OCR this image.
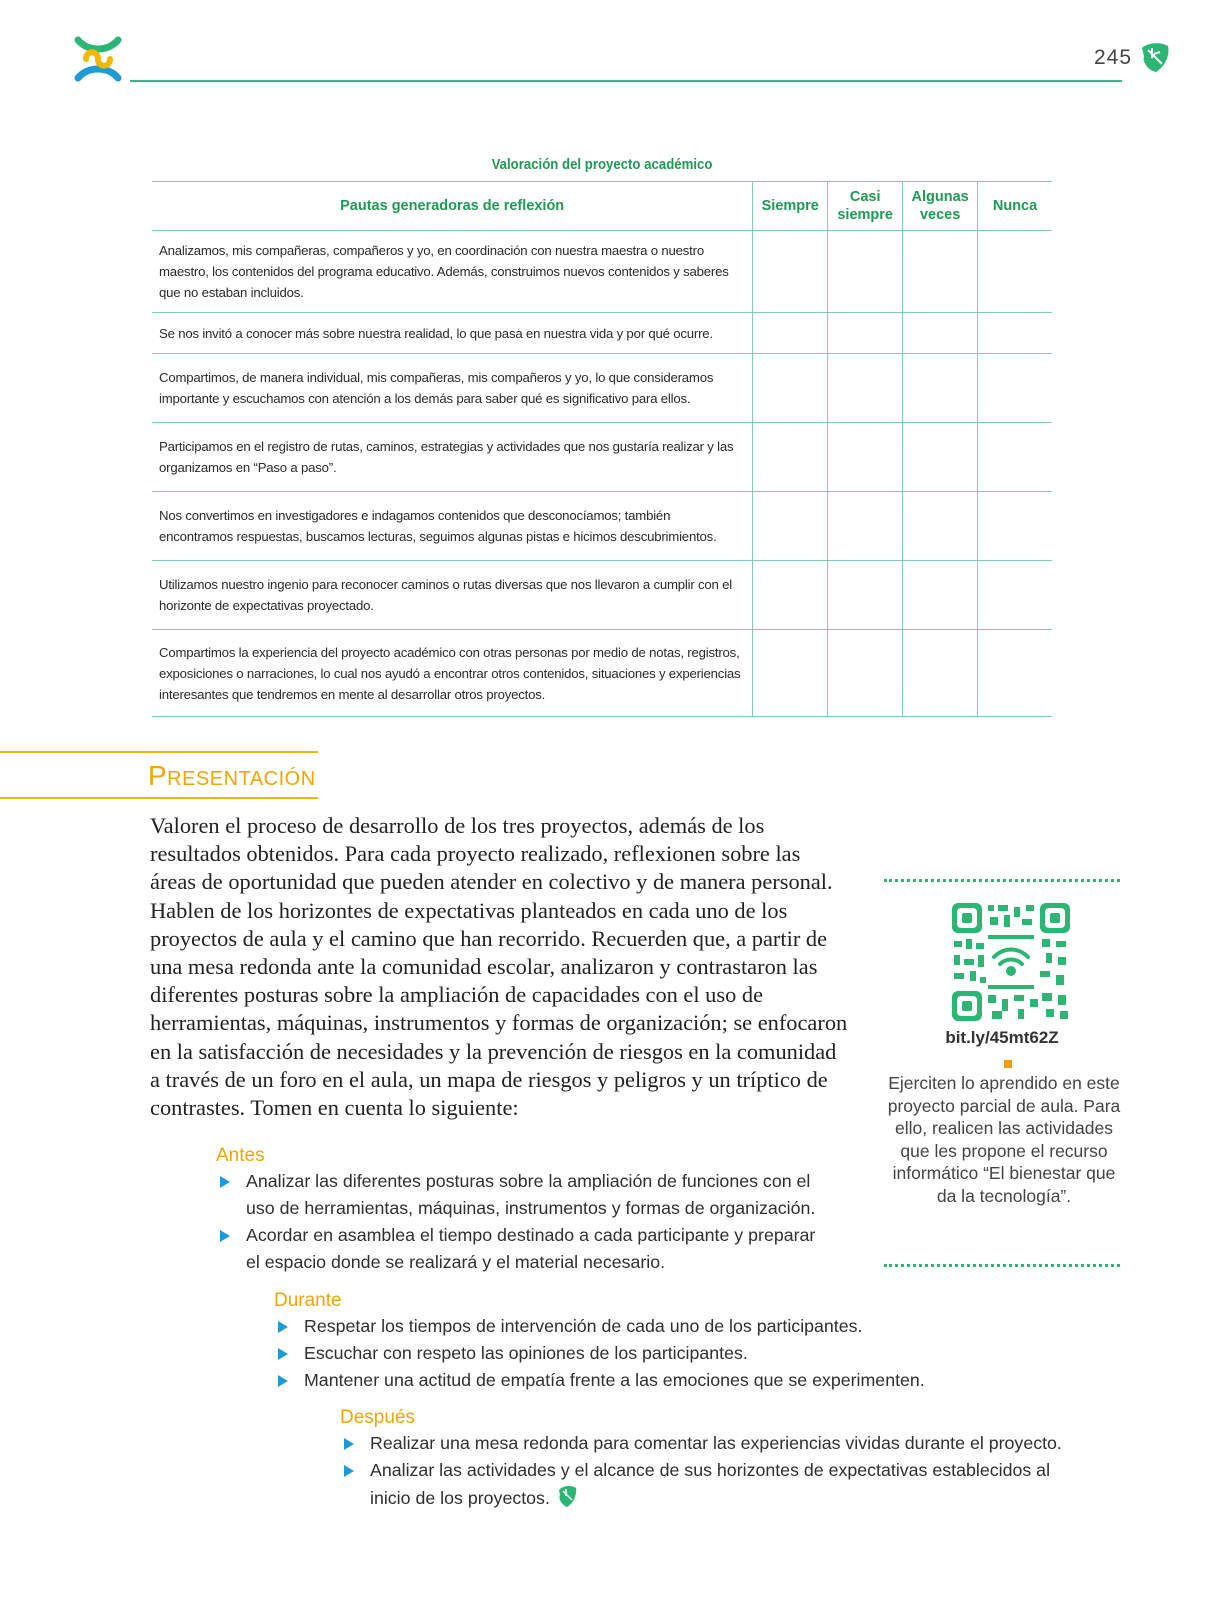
245
Valoración del proyecto académico
Pautas generadoras de reflexión	Siempre	Casi siempre	Algunas veces	Nunca
Analizamos, mis compañeras, compañeros y yo, en coordinación con nuestra maestra o nuestro maestro, los contenidos del programa educativo. Además, construimos nuevos contenidos y saberes que no estaban incluidos.				
Se nos invitó a conocer más sobre nuestra realidad, lo que pasa en nuestra vida y por qué ocurre.				
Compartimos, de manera individual, mis compañeras, mis compañeros y yo, lo que consideramos importante y escuchamos con atención a los demás para saber qué es significativo para ellos.				
Participamos en el registro de rutas, caminos, estrategias y actividades que nos gustaría realizar y las organizamos en “Paso a paso”.				
Nos convertimos en investigadores e indagamos contenidos que desconocíamos; también encontramos respuestas, buscamos lecturas, seguimos algunas pistas e hicimos descubrimientos.				
Utilizamos nuestro ingenio para reconocer caminos o rutas diversas que nos llevaron a cumplir con el horizonte de expectativas proyectado.				
Compartimos la experiencia del proyecto académico con otras personas por medio de notas, registros, exposiciones o narraciones, lo cual nos ayudó a encontrar otros contenidos, situaciones y experiencias interesantes que tendremos en mente al desarrollar otros proyectos.				
Presentación

Valoren el proceso de desarrollo de los tres proyectos, además de los resultados obtenidos. Para cada proyecto realizado, reflexionen sobre las áreas de oportunidad que pueden atender en colectivo y de manera personal. Hablen de los horizontes de expectativas planteados en cada uno de los proyectos de aula y el camino que han recorrido. Recuerden que, a partir de una mesa redonda ante la comunidad escolar, analizaron y contrastaron las diferentes posturas sobre la ampliación de capacidades con el uso de herramientas, máquinas, instrumentos y formas de organización; se enfocaron en la satisfacción de necesidades y la prevención de riesgos en la comunidad a través de un foro en el aula, un mapa de riesgos y peligros y un tríptico de contrastes. Tomen en cuenta lo siguiente:

bit.ly/45mt62Z
Ejerciten lo aprendido en este proyecto parcial de aula. Para ello, realicen las actividades que les propone el recurso informático “El bienestar que da la tecnología”.
Antes
Analizar las diferentes posturas sobre la ampliación de funciones con el uso de herramientas, máquinas, instrumentos y formas de organización.
Acordar en asamblea el tiempo destinado a cada participante y preparar el espacio donde se realizará y el material necesario.
Durante
Respetar los tiempos de intervención de cada uno de los participantes.
Escuchar con respeto las opiniones de los participantes.
Mantener una actitud de empatía frente a las emociones que se experimenten.
Después
Realizar una mesa redonda para comentar las experiencias vividas durante el proyecto.
Analizar las actividades y el alcance de sus horizontes de expectativas establecidos al inicio de los proyectos.
